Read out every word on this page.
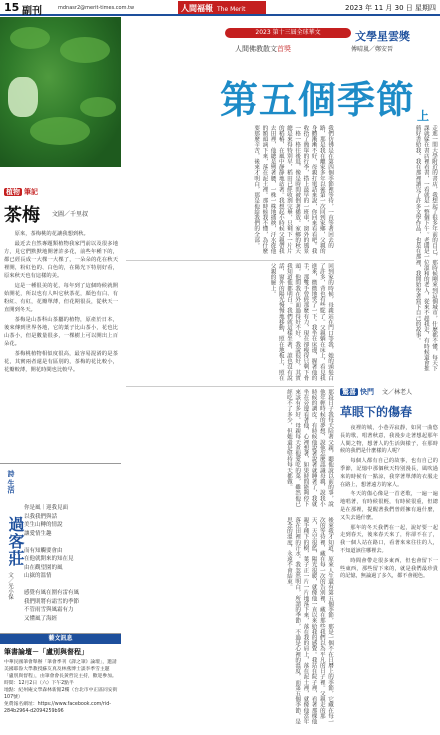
15 副刊	mdnasr2@merit-times.com.tw	人間福報 The Merit Times
2023 年 11 月 30 日 星期四
植物 筆記
茶梅 文圖／千里叔

原來，茶梅桃的花讓我想到秋。

最近去自然專題類植物我家門前以及很多地方，見它們默默地開著許多花，前些年種下的，都已經長成一大棵一大棵了，一朵朵的花在秋天裡開，粉紅色的、白色的，在陽光下特別好看，原來秋天也有這樣的美。

這是一種很美的花，每年到了這個時候就開始開花，所以也有人叫它秋茶花，顏色有白、有粉紅、有紅，花瓣單薄，但花期很長，從秋天一直開到冬天。

茶梅是山茶科山茶屬的植物，原產於日本，後來傳到世界各地，它的葉子比山茶小，花也比山茶小，但是數量很多，一棵樹上可以開出上百朵花。

茶梅桃植物相似度很高，最容易混淆的是茶花，其實兩者還是有區別的，茶梅的花比較小，花瓣較薄，開花時間也比較早。

詩 生活
過客莊
文／光小保
你是風｜迎我見面
以我我們與話
美生山轉的情說
讓愛情生趣

而有知觸要會由
在他就開來的知在見
由在觀望園的風
山嶽的溫情

感覺有風在圍有雷有風
我們則將有霜雪的季節
不管雨雪與風霜有力
又懂風了海經
藝文訊息
筆書論壇－「盧別與督程」
中華民國筆會舉辦「筆會季刊《譯之筆》論壇」，邀請美國耶魯大學教授蘇友真及林燕博士談李季雪主題「盧別與督程」，由筆會會長黃哲浣主持，歡迎參加。
時間：12月2日（六）下午2點半
地點：紀州庵文學森林新館2樓（台北市中正區同安街107號）
免費報名網址：https://www.facebook.com/rid-284b2964-d2094259b96
2023 第十三屆全球華文	文學星雲獎
人間佛教散文首獎	傅晴嵐／鄭安晉
第五個季節 上
我們彷彿是在第四個季節裡等待，一直等著回去的路，那是我在離家多年以後第一次回到家鄉，父親的身體漸漸不好，母親打電話來說，你回來看看吧。我收拾了簡單的行李，搭上最早的一班車，窗外的風景一格一格往後退，像是時間被倒著播放。家鄉的秋天總是來得特別早，稻田已經收割完畢，只剩下一片片的稻樁，在風中靜靜地站著。我想起小時候父親帶我去田裡，他總是彎著腰，一株一株地插秧，汗水從他的額頭滴下來，落在泥土裡。那時候我不懂，為什麼要那麼辛苦，後來才明白，那是他給我們的全部。
回到家的時候，母親站在門口等我，她的頭髮白了許多，背也有些駝了。父親躺在床上，看見我進來，微微地笑了一下。我坐在床邊，握著他的手，那雙手曾經那麼有力，現在卻瘦得只剩下骨頭。他問我在外面過得好不好，我說很好，其實我知道他都明白。我們就這樣坐著，誰也沒有說話，窗外的陽光慢慢地移動，照在地板上，照在父親的臉上。
那段日子我每天陪著父親，聽他說以前的事，說他年輕時候的夢想，說他怎麼認識母親，說我小時候的調皮。有時候他說著說著就睡著了，我就坐在旁邊看著他，心裡想著，如果時間能夠停下來該有多好。母親每天煮他愛吃的菜，雖然他已經吃不了多少，但她還是堅持每天都做。
後來我才知道，原來人生還有第五個季節，那是一個不在日曆上的季節，它藏在每一次的等待裡，藏在每一次的告別裡，藏在那些我們以為平凡的日子裡。父親走的那天，天空很藍，陽光很暖，就像他一直以來給我的感覺。我站在院子裡，看著那棵他親手種下的樹，葉子正一片一片地落下來，落在我的肩上，落在泥土裡，就像他當年落在田裡的汗水。我忽然明白，所謂的季節，不過是心裡的溫度，而第五個季節，是思念的溫度，永遠不會結束。
走進一間大學附近的書店，我想起了很多年前的自己，那時候剛來到這個城市，什麼都不懂，每天下課就躲在書店裡看書，一看就是一整個下午。老闆是一位溫和的老人，從來不趕我走，有時候還會推薦好書給我。我在那裡讀完了許多文學作品，也是在那裡，我開始學著寫下自己的故事。
驚喜 快門 文／林老人
草眼下的傷春

夜裡的城，小巷弄寂靜，如同一曲悠長的歌，唱著秋意，我漫步走著想起那年人間之物，想著人的生活與樣子，在那時候的我們是什麼樣的人呢？

每個人都有自己的故事，也有自己的季節，記憶中那個秋天特別漫長，風吹過來的時候有一點涼，我穿著單薄的衣服走在路上，想著遠方的家人。

冬天的傷心像是一首老歌，一遍一遍地唱著，有時候很輕，有時候很重，但總是在那裡，提醒著我們曾經擁有過什麼，又失去過什麼。

那年的冬天我們在一起，說好要一起走到春天，後來春天來了，你卻不在了，我一個人站在路口，看著來來往往的人，不知道該往哪裡去。

時間會帶走很多東西，但也會留下一些東西，那些留下來的，就是我們最珍貴的記憶，無論過了多久，都不會褪色。
